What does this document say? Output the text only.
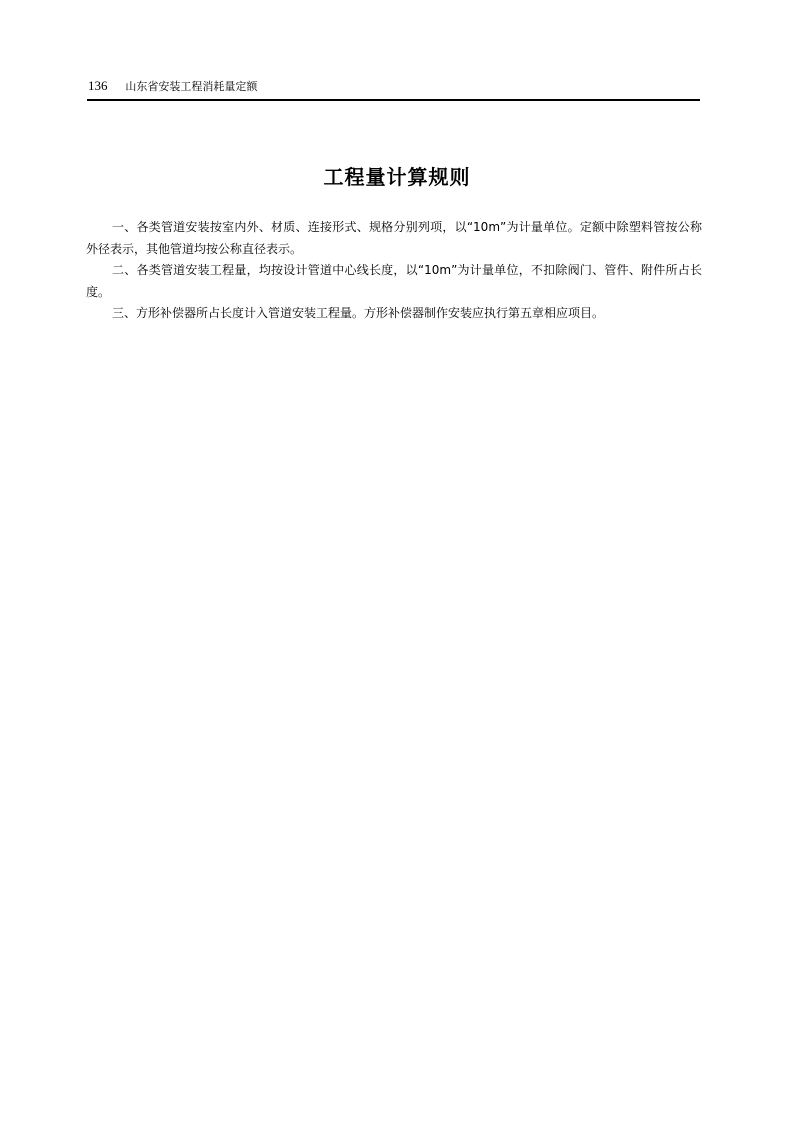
136 山东省安装工程消耗量定额
工程量计算规则

一、各类管道安装按室内外、材质、连接形式、规格分别列项，以“10m”为计量单位。定额中除塑料管按公称外径表示，其他管道均按公称直径表示。

二、各类管道安装工程量，均按设计管道中心线长度，以“10m”为计量单位，不扣除阀门、管件、附件所占长度。

三、方形补偿器所占长度计入管道安装工程量。方形补偿器制作安装应执行第五章相应项目。
